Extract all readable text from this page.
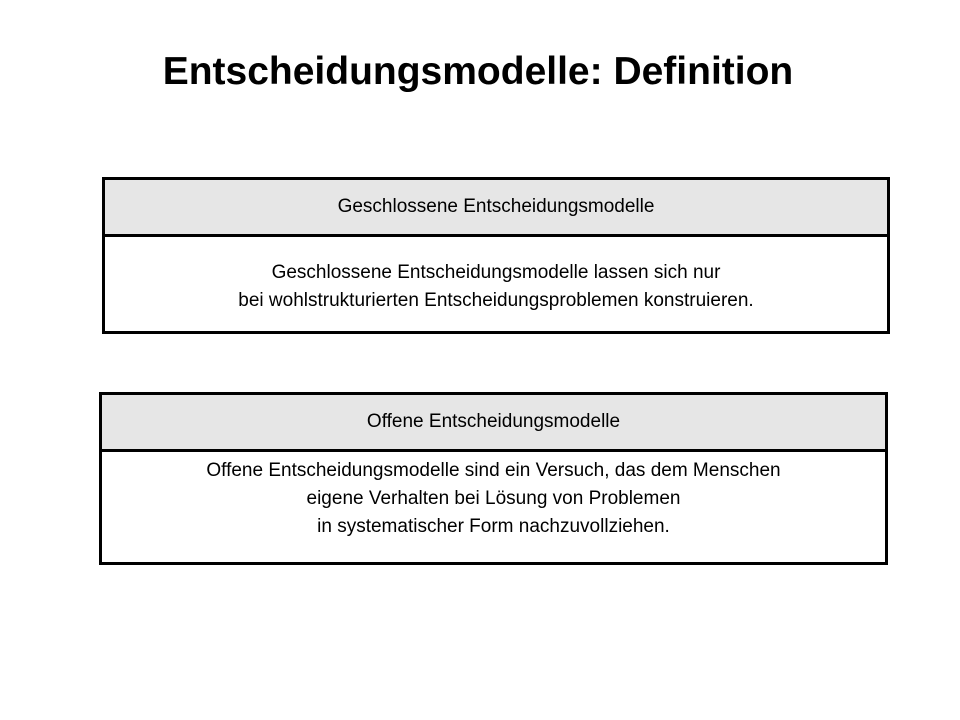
Entscheidungsmodelle: Definition
Geschlossene Entscheidungsmodelle
Geschlossene Entscheidungsmodelle lassen sich nur
bei wohlstrukturierten Entscheidungsproblemen konstruieren.
Offene Entscheidungsmodelle
Offene Entscheidungsmodelle sind ein Versuch, das dem Menschen
eigene Verhalten bei Lösung von Problemen
in systematischer Form nachzuvollziehen.
